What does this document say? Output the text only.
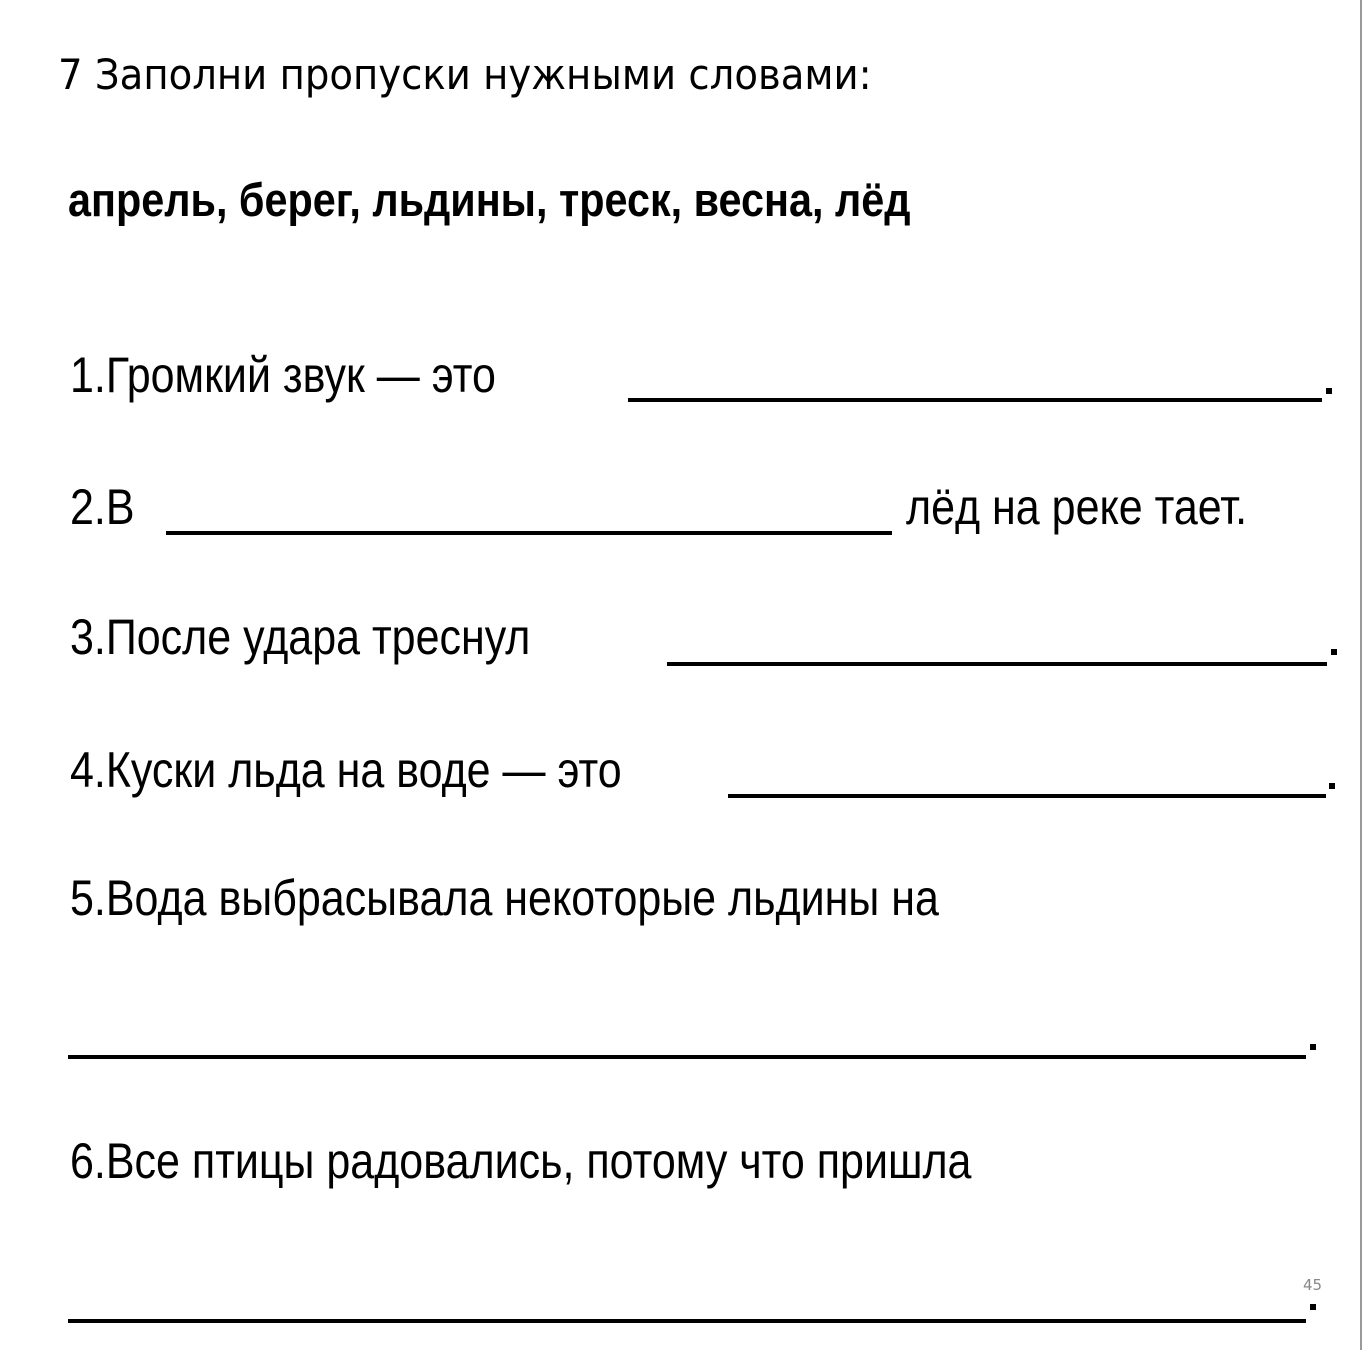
7 Заполни пропуски нужными словами:
апрель, берег, льдины, треск, весна, лёд
1.Громкий звук — это
2.В	лёд на реке тает.
3.После удара треснул
4.Куски льда на воде — это
5.Вода выбрасывала некоторые льдины на
6.Все птицы радовались, потому что пришла
45
